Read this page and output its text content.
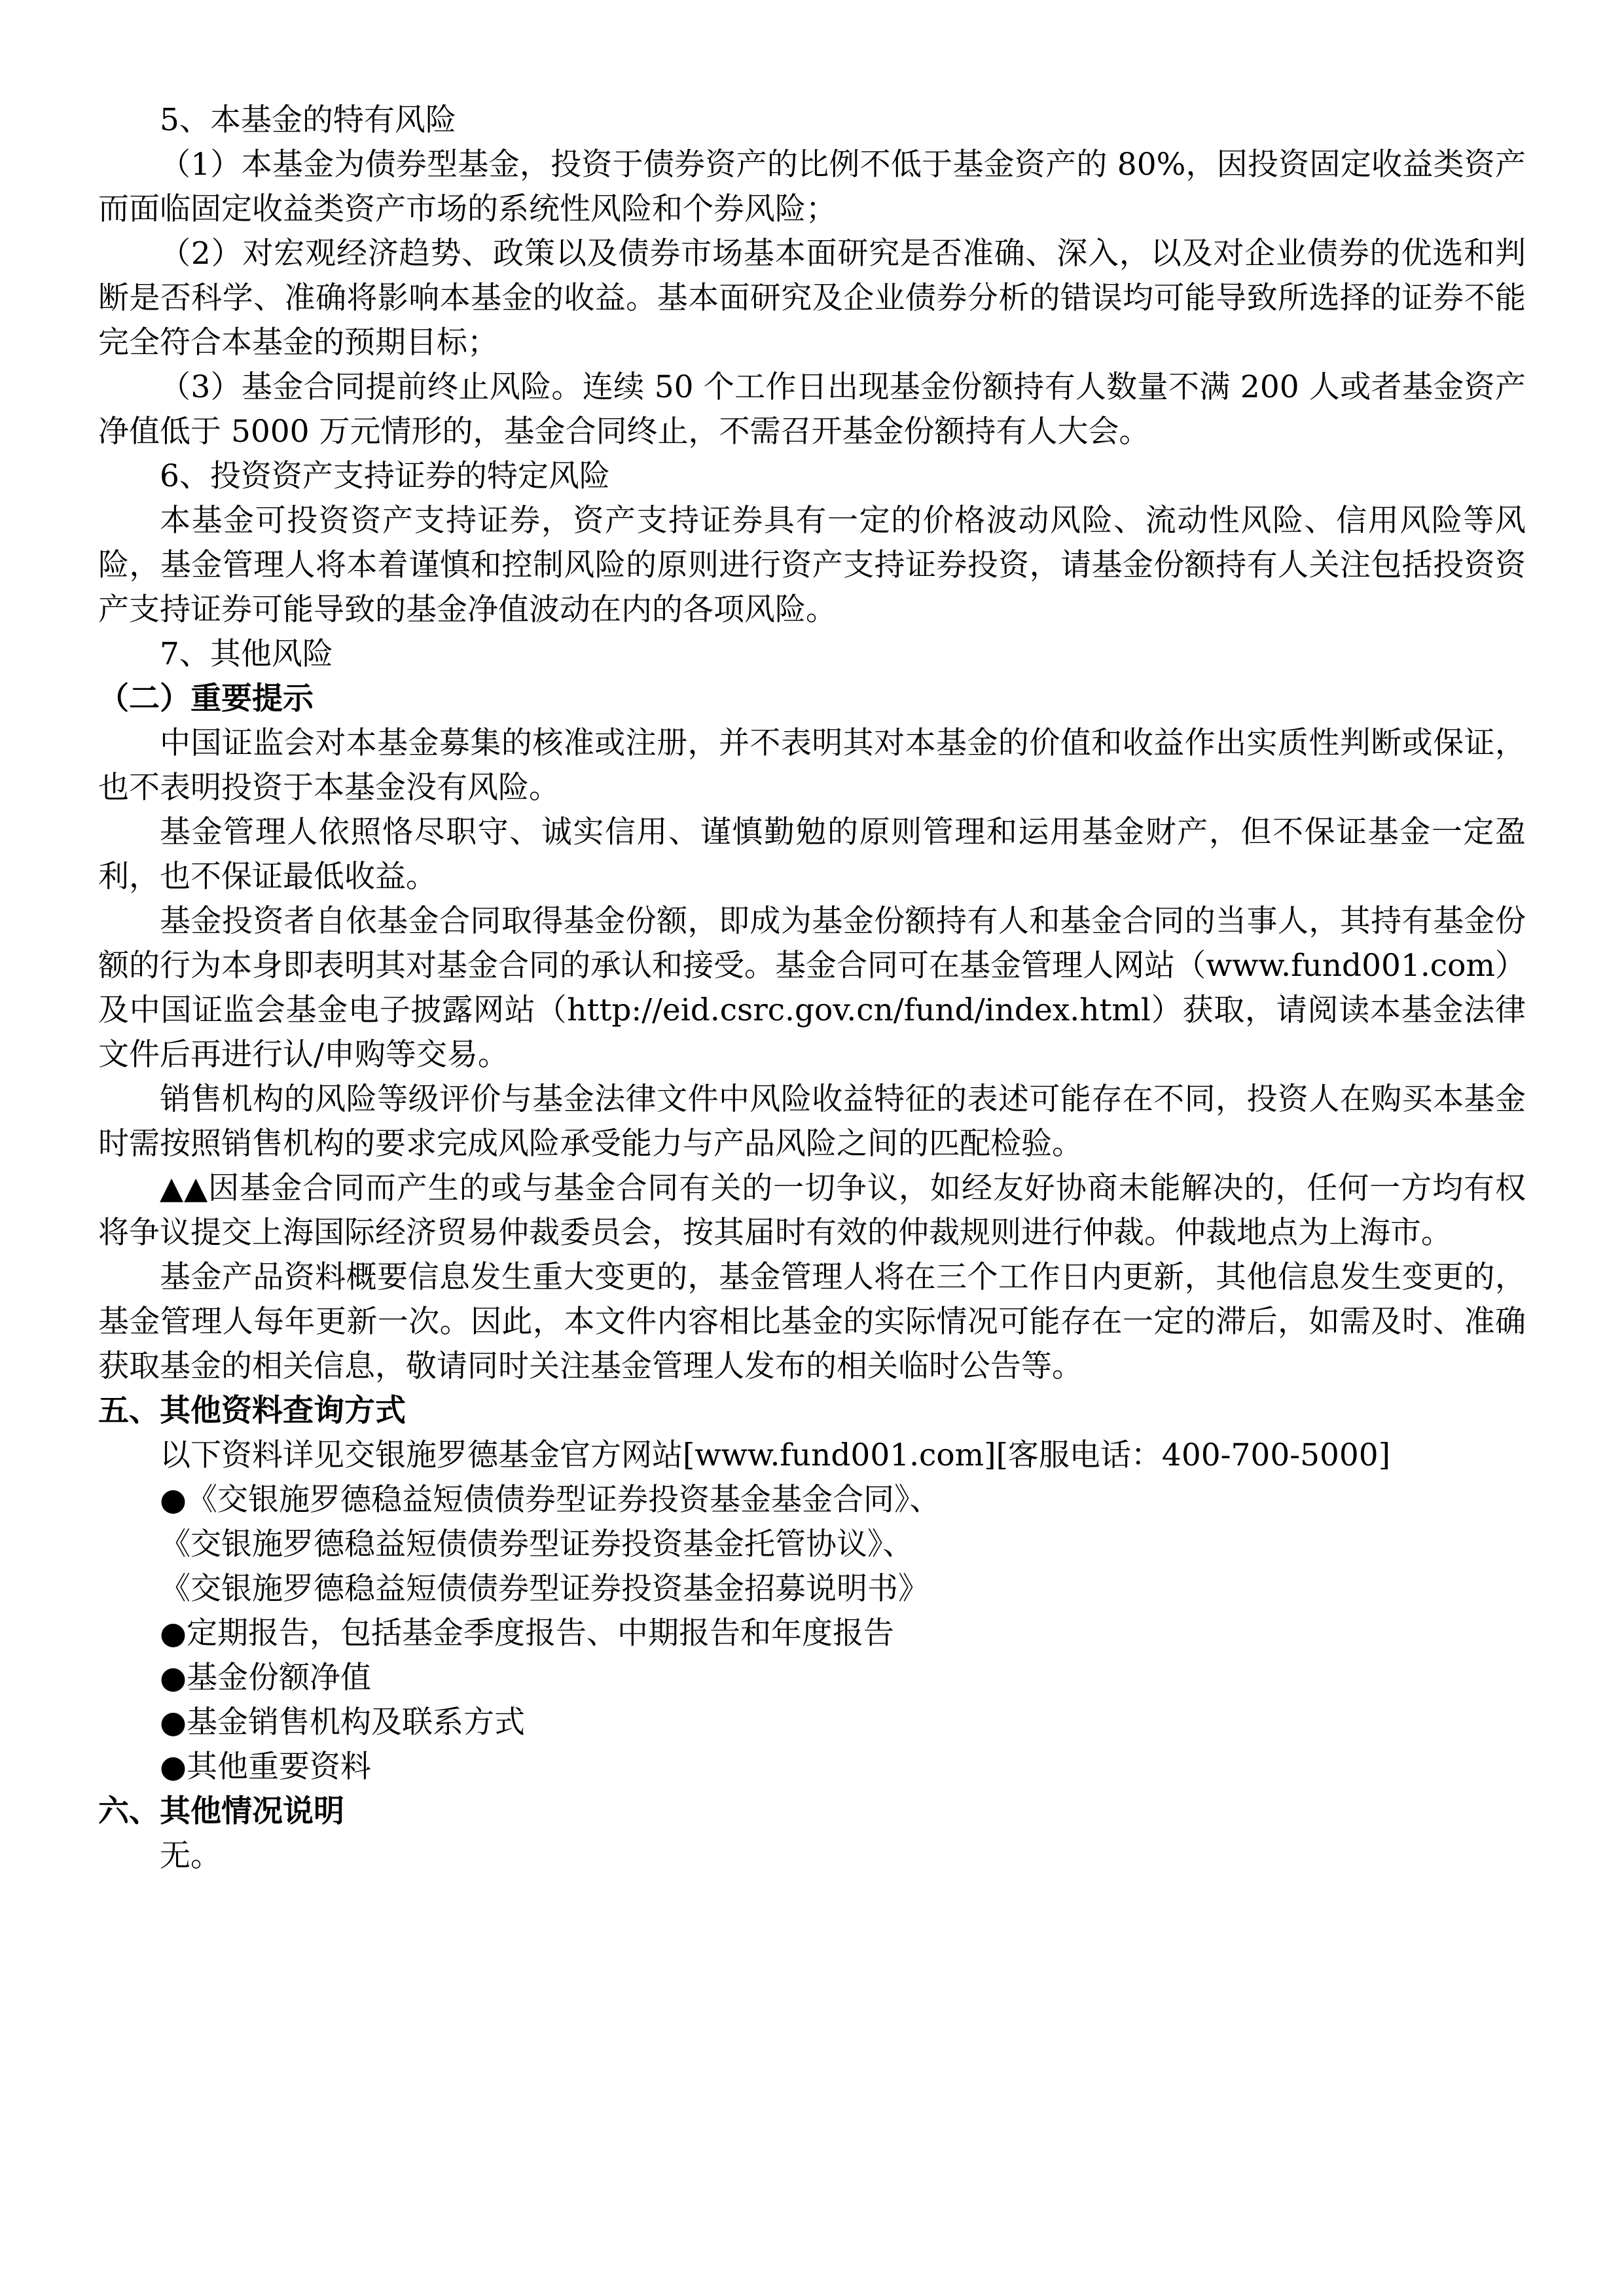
5、本基金的特有风险

（1）本基金为债券型基金，投资于债券资产的比例不低于基金资产的 80%，因投资固定收益类资产而面临固定收益类资产市场的系统性风险和个券风险；

（2）对宏观经济趋势、政策以及债券市场基本面研究是否准确、深入，以及对企业债券的优选和判断是否科学、准确将影响本基金的收益。基本面研究及企业债券分析的错误均可能导致所选择的证券不能完全符合本基金的预期目标；

（3）基金合同提前终止风险。连续 50 个工作日出现基金份额持有人数量不满 200 人或者基金资产净值低于 5000 万元情形的，基金合同终止，不需召开基金份额持有人大会。

6、投资资产支持证券的特定风险

本基金可投资资产支持证券，资产支持证券具有一定的价格波动风险、流动性风险、信用风险等风险，基金管理人将本着谨慎和控制风险的原则进行资产支持证券投资，请基金份额持有人关注包括投资资产支持证券可能导致的基金净值波动在内的各项风险。

7、其他风险

（二）重要提示

中国证监会对本基金募集的核准或注册，并不表明其对本基金的价值和收益作出实质性判断或保证，也不表明投资于本基金没有风险。

基金管理人依照恪尽职守、诚实信用、谨慎勤勉的原则管理和运用基金财产，但不保证基金一定盈利，也不保证最低收益。

基金投资者自依基金合同取得基金份额，即成为基金份额持有人和基金合同的当事人，其持有基金份额的行为本身即表明其对基金合同的承认和接受。基金合同可在基金管理人网站（www.fund001.com）及中国证监会基金电子披露网站（http://eid.csrc.gov.cn/fund/index.html）获取，请阅读本基金法律文件后再进行认/申购等交易。

销售机构的风险等级评价与基金法律文件中风险收益特征的表述可能存在不同，投资人在购买本基金时需按照销售机构的要求完成风险承受能力与产品风险之间的匹配检验。

▲▲因基金合同而产生的或与基金合同有关的一切争议，如经友好协商未能解决的，任何一方均有权将争议提交上海国际经济贸易仲裁委员会，按其届时有效的仲裁规则进行仲裁。仲裁地点为上海市。

基金产品资料概要信息发生重大变更的，基金管理人将在三个工作日内更新，其他信息发生变更的，基金管理人每年更新一次。因此，本文件内容相比基金的实际情况可能存在一定的滞后，如需及时、准确获取基金的相关信息，敬请同时关注基金管理人发布的相关临时公告等。

五、其他资料查询方式

以下资料详见交银施罗德基金官方网站[www.fund001.com][客服电话：400-700-5000]

●《交银施罗德稳益短债债券型证券投资基金基金合同》、

《交银施罗德稳益短债债券型证券投资基金托管协议》、

《交银施罗德稳益短债债券型证券投资基金招募说明书》

●定期报告，包括基金季度报告、中期报告和年度报告

●基金份额净值

●基金销售机构及联系方式

●其他重要资料

六、其他情况说明

无。
